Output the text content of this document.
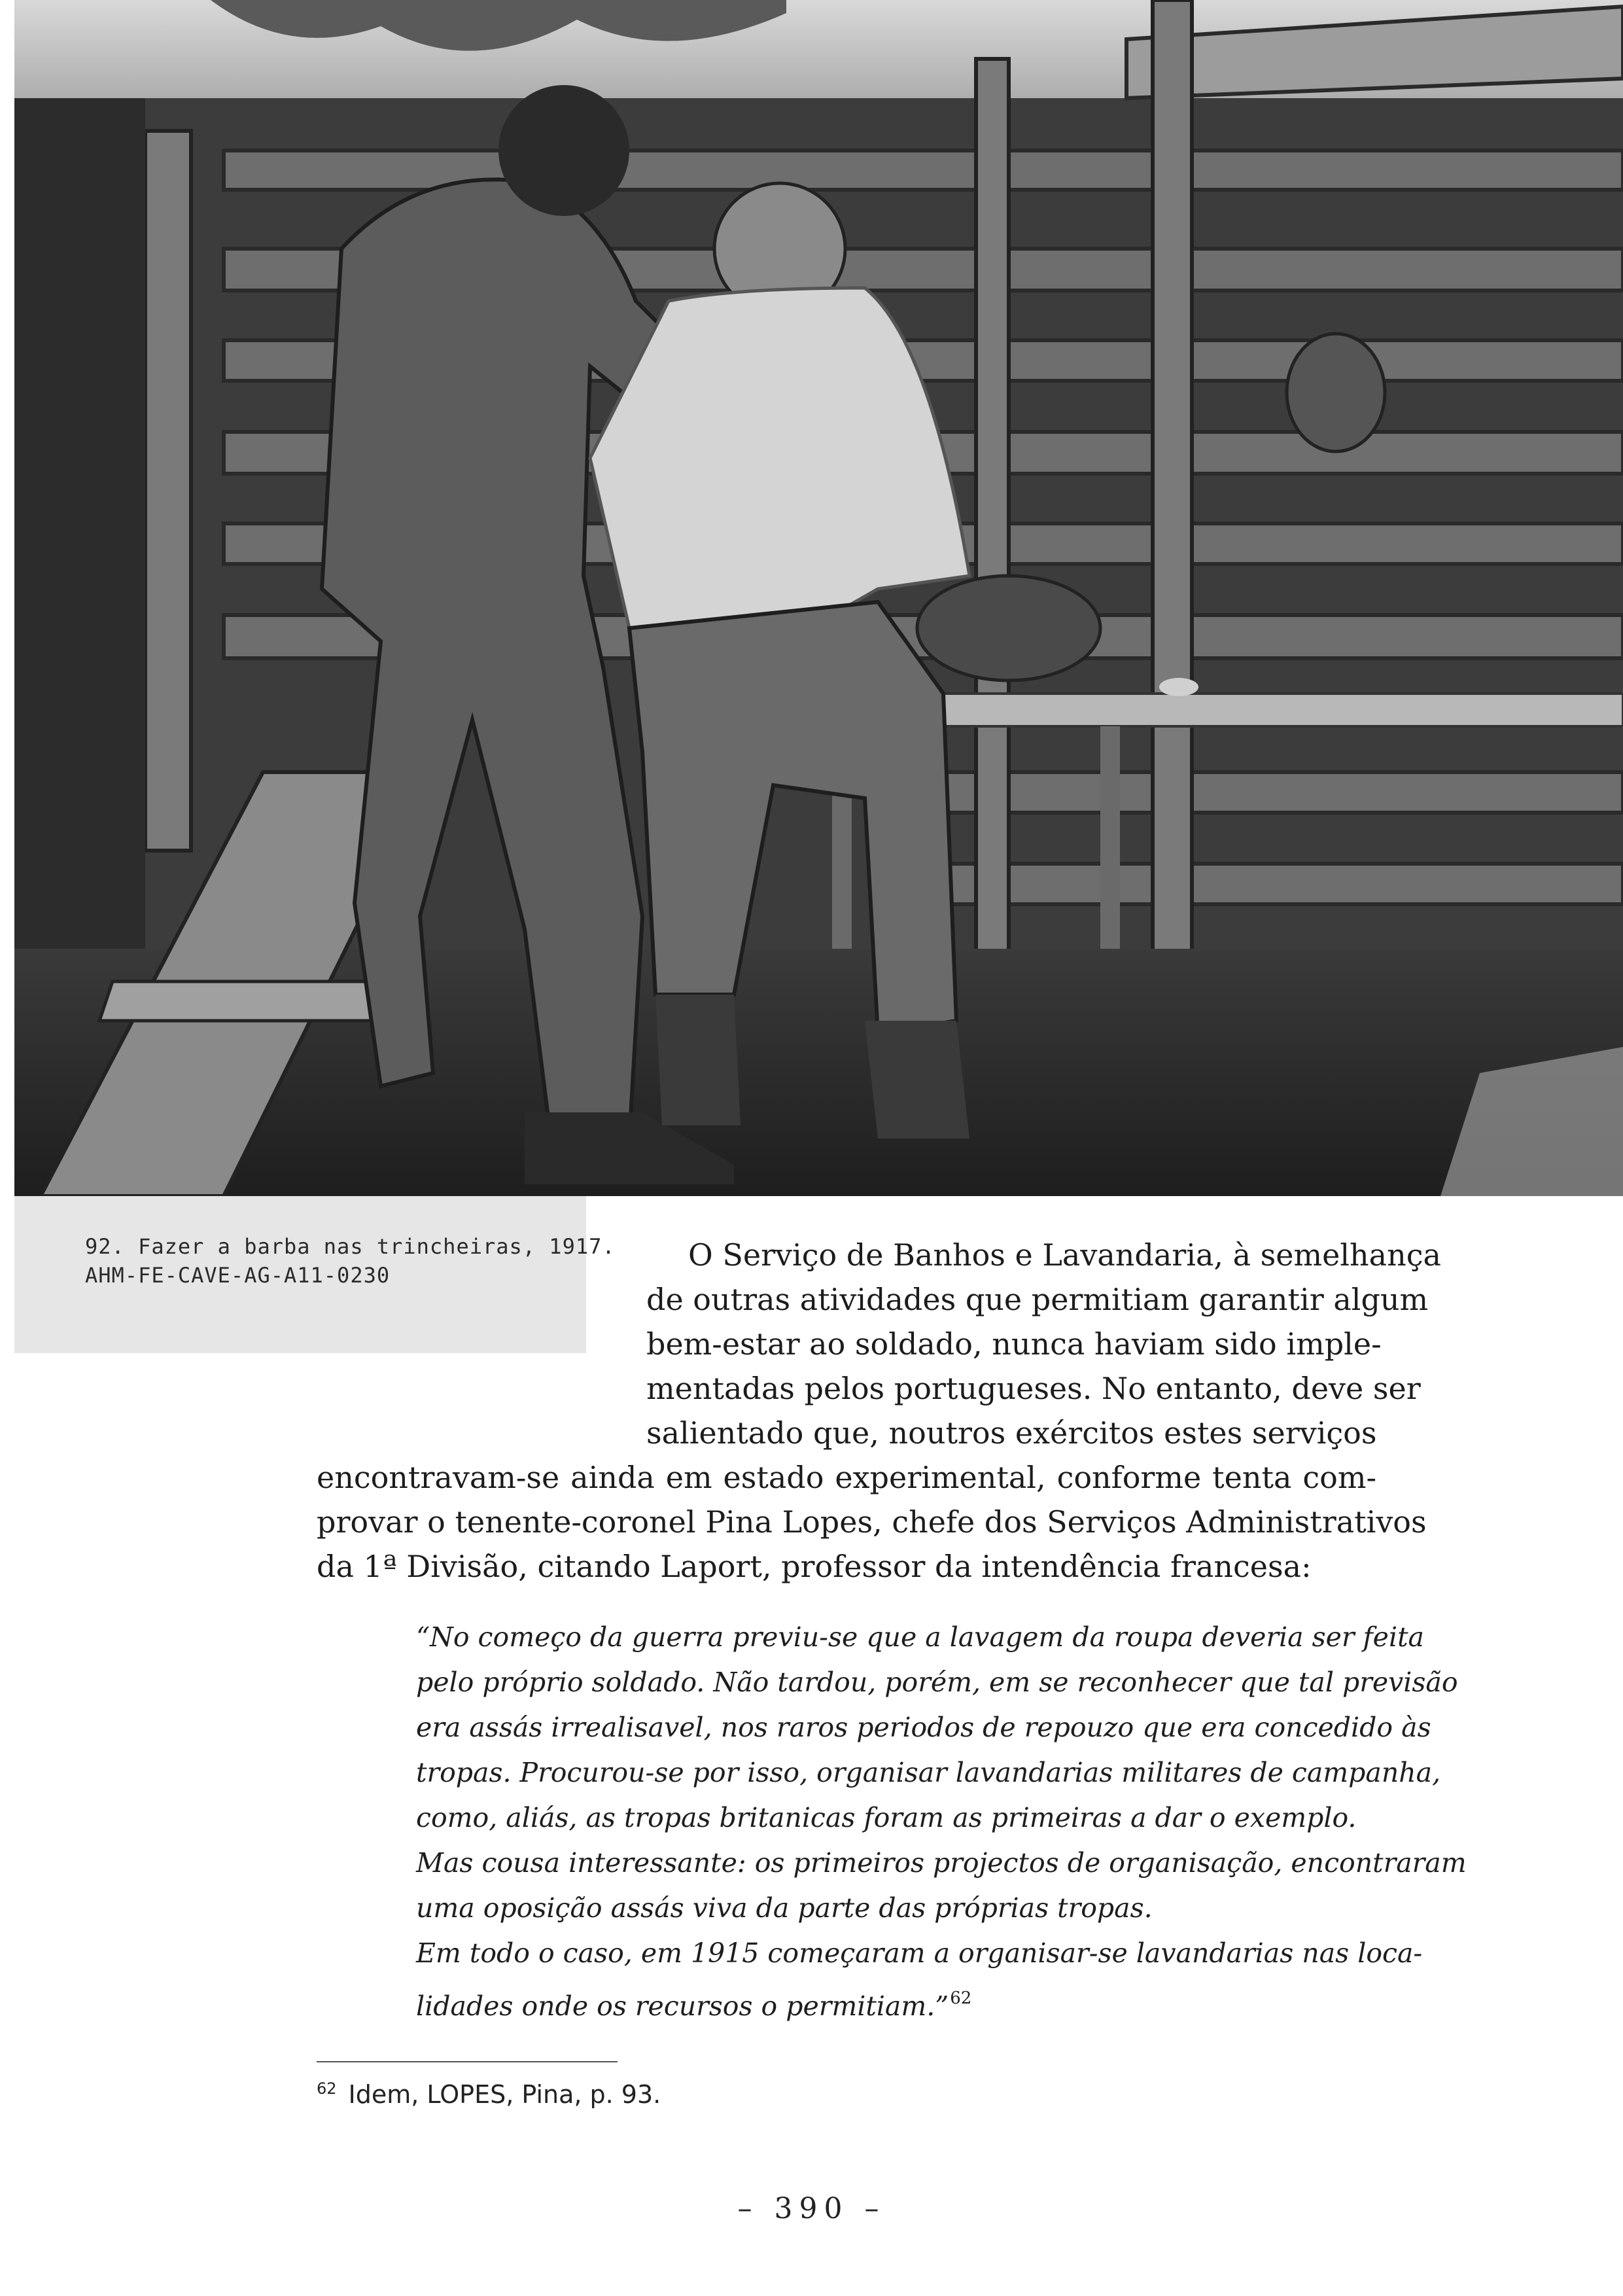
92. Fazer a barba nas trincheiras, 1917.
AHM-FE-CAVE-AG-A11-0230
O Serviço de Banhos e Lavandaria, à semelhança
de outras atividades que permitiam garantir algum
bem-estar ao soldado, nunca haviam sido imple-
mentadas pelos portugueses. No entanto, deve ser
salientado que, noutros exércitos estes serviços
encontravam-se ainda em estado experimental, conforme tenta com-
provar o tenente-coronel Pina Lopes, chefe dos Serviços Administrativos
da 1ª Divisão, citando Laport, professor da intendência francesa:
“No começo da guerra previu-se que a lavagem da roupa deveria ser feita
pelo próprio soldado. Não tardou, porém, em se reconhecer que tal previsão
era assás irrealisavel, nos raros periodos de repouzo que era concedido às
tropas. Procurou-se por isso, organisar lavandarias militares de campanha,
como, aliás, as tropas britanicas foram as primeiras a dar o exemplo.
Mas cousa interessante: os primeiros projectos de organisação, encontraram
uma oposição assás viva da parte das próprias tropas.
Em todo o caso, em 1915 começaram a organisar-se lavandarias nas loca-
lidades onde os recursos o permitiam.”$^{62}$
$^{62}$ Idem, LOPES, Pina, p. 93.
– 390 –
